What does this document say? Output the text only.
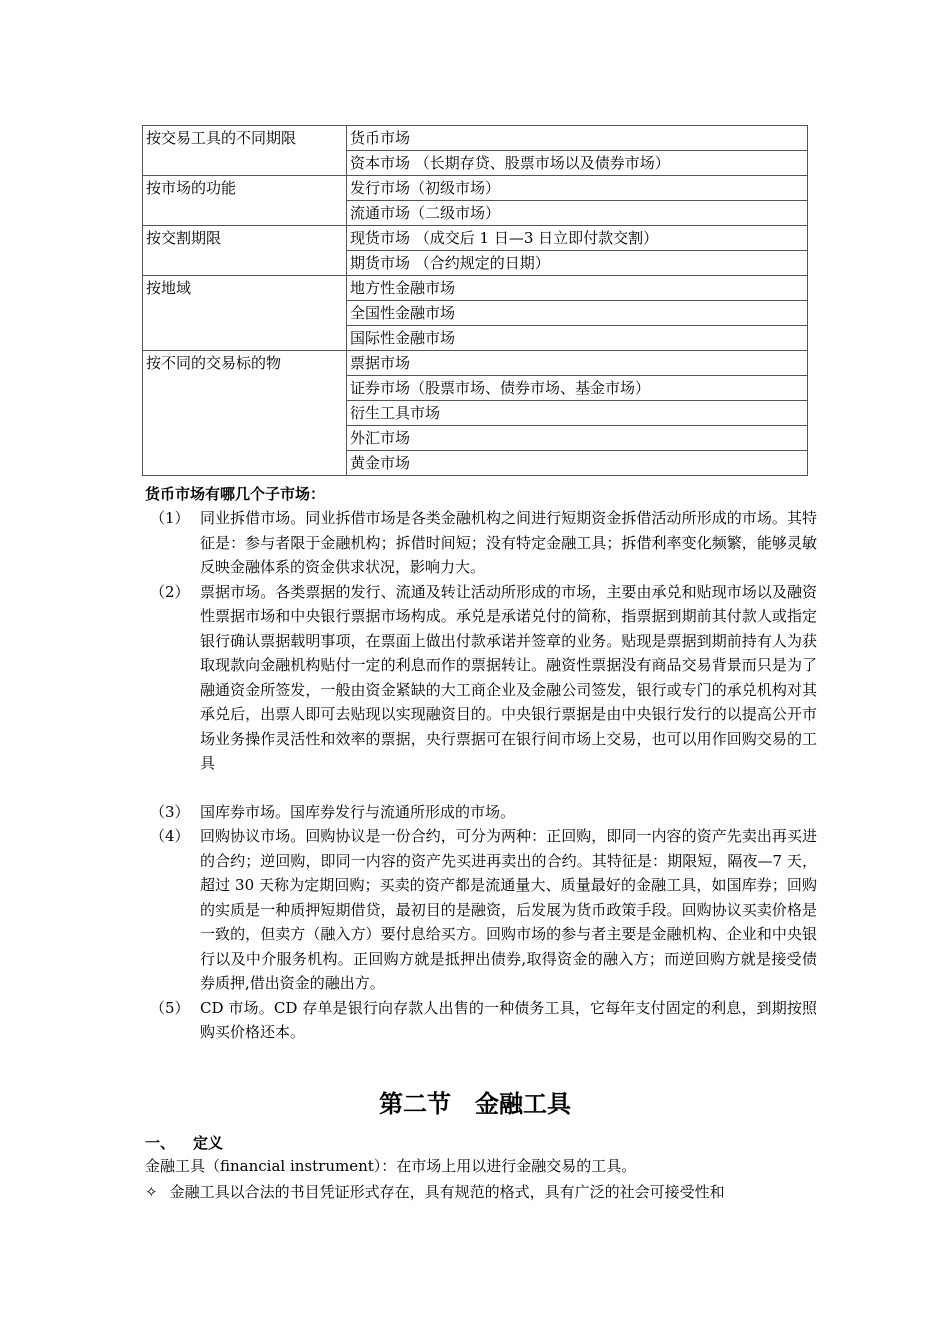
按交易工具的不同期限	货币市场
	资本市场 （长期存贷、股票市场以及债券市场）
按市场的功能	发行市场（初级市场）
	流通市场（二级市场）
按交割期限	现货市场 （成交后 1 日—3 日立即付款交割）
	期货市场 （合约规定的日期）
按地域	地方性金融市场
	全国性金融市场
	国际性金融市场
按不同的交易标的物	票据市场
	证券市场（股票市场、债券市场、基金市场）
	衍生工具市场
	外汇市场
	黄金市场
货币市场有哪几个子市场：
（1） 同业拆借市场。同业拆借市场是各类金融机构之间进行短期资金拆借活动所形成的市场。其特征是：参与者限于金融机构；拆借时间短；没有特定金融工具；拆借利率变化频繁，能够灵敏反映金融体系的资金供求状况，影响力大。
（2） 票据市场。各类票据的发行、流通及转让活动所形成的市场，主要由承兑和贴现市场以及融资性票据市场和中央银行票据市场构成。承兑是承诺兑付的简称，指票据到期前其付款人或指定银行确认票据载明事项，在票面上做出付款承诺并签章的业务。贴现是票据到期前持有人为获取现款向金融机构贴付一定的利息而作的票据转让。融资性票据没有商品交易背景而只是为了融通资金所签发，一般由资金紧缺的大工商企业及金融公司签发，银行或专门的承兑机构对其承兑后，出票人即可去贴现以实现融资目的。中央银行票据是由中央银行发行的以提高公开市场业务操作灵活性和效率的票据，央行票据可在银行间市场上交易，也可以用作回购交易的工具
（3） 国库券市场。国库券发行与流通所形成的市场。
（4） 回购协议市场。回购协议是一份合约，可分为两种：正回购，即同一内容的资产先卖出再买进的合约；逆回购，即同一内容的资产先买进再卖出的合约。其特征是：期限短，隔夜—7 天，超过 30 天称为定期回购；买卖的资产都是流通量大、质量最好的金融工具，如国库券；回购的实质是一种质押短期借贷，最初目的是融资，后发展为货币政策手段。回购协议买卖价格是一致的，但卖方（融入方）要付息给买方。回购市场的参与者主要是金融机构、企业和中央银行以及中介服务机构。正回购方就是抵押出债券,取得资金的融入方；而逆回购方就是接受债券质押,借出资金的融出方。
（5） CD 市场。CD 存单是银行向存款人出售的一种债务工具，它每年支付固定的利息，到期按照购买价格还本。
第二节　金融工具
一、 定义
金融工具（financial instrument）：在市场上用以进行金融交易的工具。
✧ 金融工具以合法的书目凭证形式存在，具有规范的格式，具有广泛的社会可接受性和
